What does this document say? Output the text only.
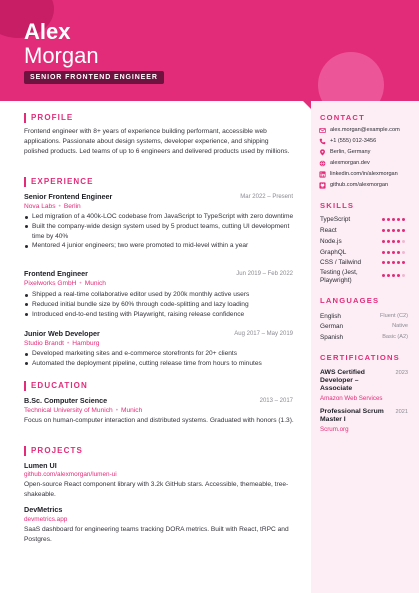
Alex
Morgan
SENIOR FRONTEND ENGINEER
PROFILE
Frontend engineer with 8+ years of experience building performant, accessible web applications. Passionate about design systems, developer experience, and shipping polished products. Led teams of up to 6 engineers and delivered products used by millions.
EXPERIENCE
Senior Frontend Engineer	Mar 2022 – Present
Nova Labs • Berlin
Led migration of a 400k-LOC codebase from JavaScript to TypeScript with zero downtime
Built the company-wide design system used by 5 product teams, cutting UI development time by 40%
Mentored 4 junior engineers; two were promoted to mid-level within a year
Frontend Engineer	Jun 2019 – Feb 2022
Pixelworks GmbH • Munich
Shipped a real-time collaborative editor used by 200k monthly active users
Reduced initial bundle size by 60% through code-splitting and lazy loading
Introduced end-to-end testing with Playwright, raising release confidence
Junior Web Developer	Aug 2017 – May 2019
Studio Brandt • Hamburg
Developed marketing sites and e-commerce storefronts for 20+ clients
Automated the deployment pipeline, cutting release time from hours to minutes
EDUCATION
B.Sc. Computer Science	2013 – 2017
Technical University of Munich • Munich
Focus on human-computer interaction and distributed systems. Graduated with honors (1.3).
PROJECTS
Lumen UI
github.com/alexmorgan/lumen-ui
Open-source React component library with 3.2k GitHub stars. Accessible, themeable, tree-shakeable.
DevMetrics
devmetrics.app
SaaS dashboard for engineering teams tracking DORA metrics. Built with React, tRPC and Postgres.
CONTACT
alex.morgan@example.com
+1 (555) 012-3456
Berlin, Germany
alexmorgan.dev
linkedin.com/in/alexmorgan
github.com/alexmorgan
SKILLS
TypeScript
React
Node.js
GraphQL
CSS / Tailwind
Testing (Jest, Playwright)
LANGUAGES
English	Fluent (C2)
German	Native
Spanish	Basic (A2)
CERTIFICATIONS
AWS Certified Developer – Associate
2023
Amazon Web Services
Professional Scrum Master I
2021
Scrum.org
